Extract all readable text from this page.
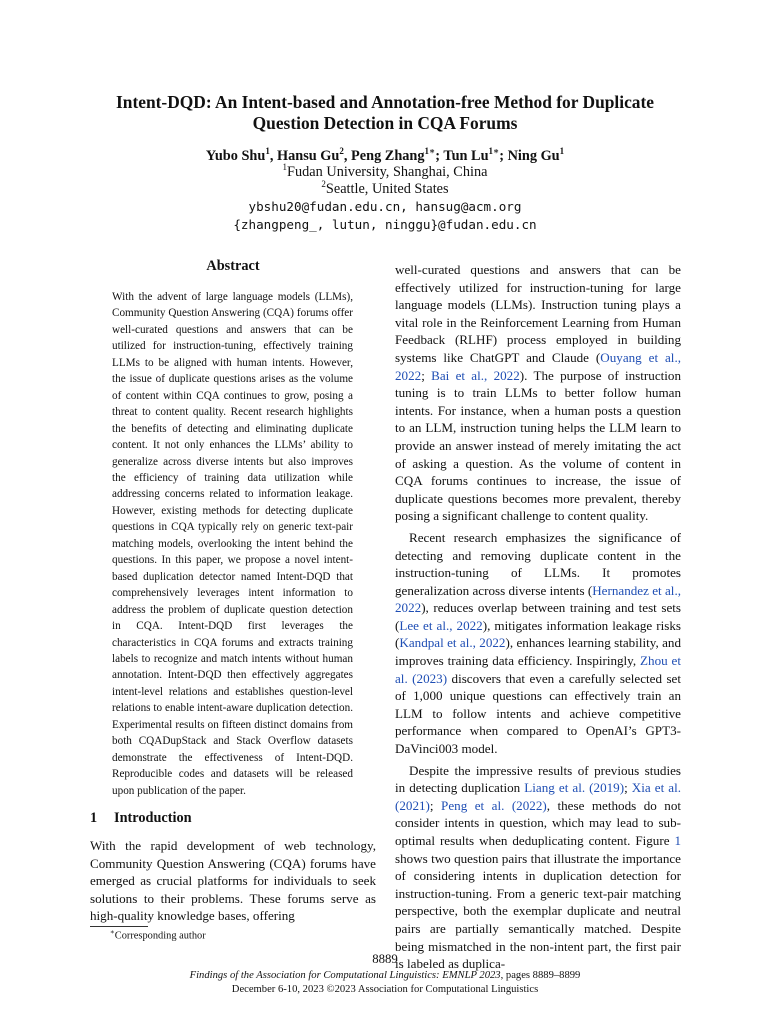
Intent-DQD: An Intent-based and Annotation-free Method for Duplicate
Question Detection in CQA Forums
Yubo Shu$^1$, Hansu Gu$^2$, Peng Zhang$^{1∗}$; Tun $Lu^{1∗}$; Ning Gu$^1$
$^1$Fudan University, Shanghai, China
$^2$Seattle, United States
ybshu20@fudan.edu.cn, hansug@acm.org
{zhangpeng_, lutun, ninggu}@fudan.edu.cn
Abstract

With the advent of large language models (LLMs), Community Question Answering (CQA) forums offer well-curated questions and answers that can be utilized for instruction-tuning, effectively training LLMs to be aligned with human intents. However, the issue of duplicate questions arises as the volume of content within CQA continues to grow, posing a threat to content quality. Recent research highlights the benefits of detecting and eliminating duplicate content. It not only enhances the LLMs’ ability to generalize across diverse intents but also improves the efficiency of training data utilization while addressing concerns related to information leakage. However, existing methods for detecting duplicate questions in CQA typically rely on generic text-pair matching models, overlooking the intent behind the questions. In this paper, we propose a novel intent-based duplication detector named Intent-DQD that comprehensively leverages intent information to address the problem of duplicate question detection in CQA. Intent-DQD first leverages the characteristics in CQA forums and extracts training labels to recognize and match intents without human annotation. Intent-DQD then effectively aggregates intent-level relations and establishes question-level relations to enable intent-aware duplication detection. Experimental results on fifteen distinct domains from both CQADupStack and Stack Overflow datasets demonstrate the effectiveness of Intent-DQD. Reproducible codes and datasets will be released upon publication of the paper.

1 Introduction

With the rapid development of web technology, Community Question Answering (CQA) forums have emerged as crucial platforms for individuals to seek solutions to their problems. These forums serve as high-quality knowledge bases, offering

∗Corresponding author

well-curated questions and answers that can be effectively utilized for instruction-tuning for large language models (LLMs). Instruction tuning plays a vital role in the Reinforcement Learning from Human Feedback (RLHF) process employed in building systems like ChatGPT and Claude (Ouyang et al., 2022; Bai et al., 2022). The purpose of instruction tuning is to train LLMs to better follow human intents. For instance, when a human posts a question to an LLM, instruction tuning helps the LLM learn to provide an answer instead of merely imitating the act of asking a question. As the volume of content in CQA forums continues to increase, the issue of duplicate questions becomes more prevalent, thereby posing a significant challenge to content quality.

Recent research emphasizes the significance of detecting and removing duplicate content in the instruction-tuning of LLMs. It promotes generalization across diverse intents (Hernandez et al., 2022), reduces overlap between training and test sets (Lee et al., 2022), mitigates information leakage risks (Kandpal et al., 2022), enhances learning stability, and improves training data efficiency. Inspiringly, Zhou et al. (2023) discovers that even a carefully selected set of 1,000 unique questions can effectively train an LLM to follow intents and achieve competitive performance when compared to OpenAI’s GPT3-DaVinci003 model.

Despite the impressive results of previous studies in detecting duplication Liang et al. (2019); Xia et al. (2021); Peng et al. (2022), these methods do not consider intents in question, which may lead to sub-optimal results when deduplicating content. Figure 1 shows two question pairs that illustrate the importance of considering intents in duplication detection for instruction-tuning. From a generic text-pair matching perspective, both the exemplar duplicate and neutral pairs are partially semantically matched. Despite being mismatched in the non-intent part, the first pair is labeled as duplica-

8889
Findings of the Association for Computational Linguistics: EMNLP 2023, pages 8889–8899
December 6-10, 2023 ©2023 Association for Computational Linguistics
